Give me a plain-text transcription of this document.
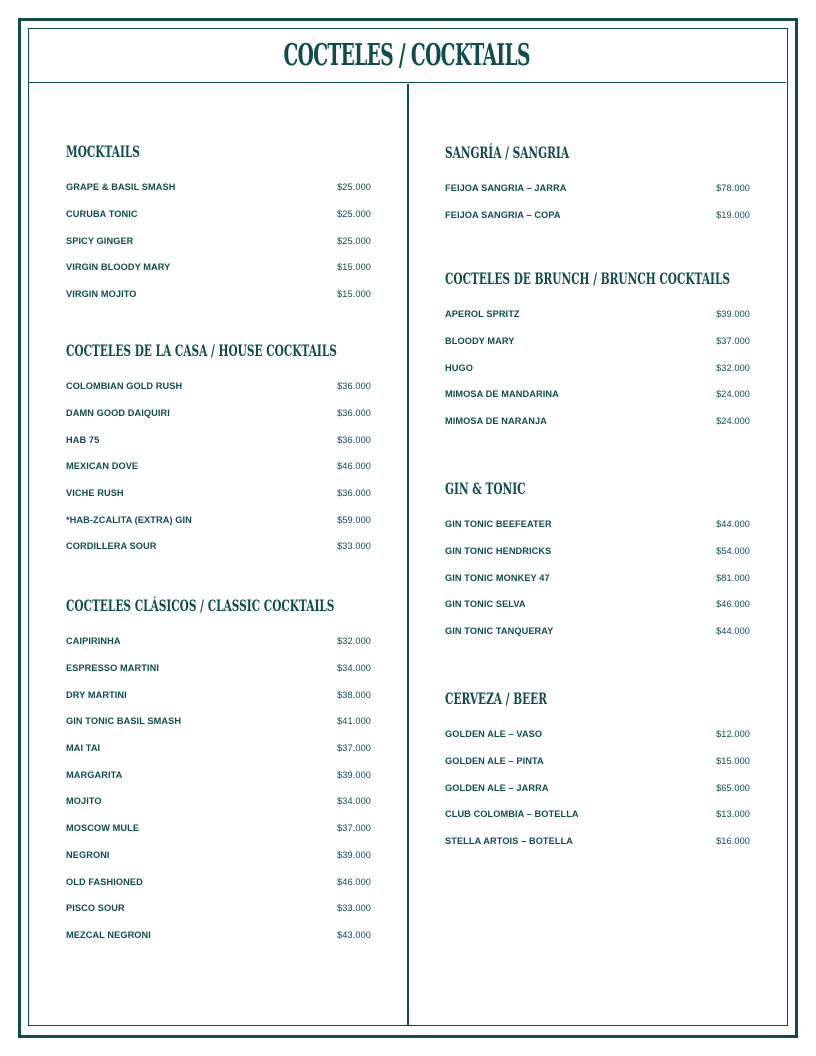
COCTELES / COCKTAILS
MOCKTAILS
GRAPE & BASIL SMASH	$25.000
CURUBA TONIC	$25.000
SPICY GINGER	$25.000
VIRGIN BLOODY MARY	$15.000
VIRGIN MOJITO	$15.000
COCTELES DE LA CASA / HOUSE COCKTAILS
COLOMBIAN GOLD RUSH	$36.000
DAMN GOOD DAIQUIRI	$36.000
HAB 75	$36.000
MEXICAN DOVE	$46.000
VICHE RUSH	$36.000
*HAB-ZCALITA (EXTRA) GIN	$59.000
CORDILLERA SOUR	$33.000
COCTELES CLÁSICOS / CLASSIC COCKTAILS
CAIPIRINHA	$32.000
ESPRESSO MARTINI	$34.000
DRY MARTINI	$38.000
GIN TONIC BASIL SMASH	$41.000
MAI TAI	$37.000
MARGARITA	$39.000
MOJITO	$34.000
MOSCOW MULE	$37.000
NEGRONI	$39.000
OLD FASHIONED	$46.000
PISCO SOUR	$33.000
MEZCAL NEGRONI	$43.000
SANGRÍA / SANGRIA
FEIJOA SANGRIA – JARRA	$78.000
FEIJOA SANGRIA – COPA	$19.000
COCTELES DE BRUNCH / BRUNCH COCKTAILS
APEROL SPRITZ	$39.000
BLOODY MARY	$37.000
HUGO	$32.000
MIMOSA DE MANDARINA	$24.000
MIMOSA DE NARANJA	$24.000
GIN & TONIC
GIN TONIC BEEFEATER	$44.000
GIN TONIC HENDRICKS	$54.000
GIN TONIC MONKEY 47	$81.000
GIN TONIC SELVA	$46.000
GIN TONIC TANQUERAY	$44.000
CERVEZA / BEER
GOLDEN ALE – VASO	$12.000
GOLDEN ALE – PINTA	$15.000
GOLDEN ALE – JARRA	$65.000
CLUB COLOMBIA – BOTELLA	$13.000
STELLA ARTOIS – BOTELLA	$16.000
